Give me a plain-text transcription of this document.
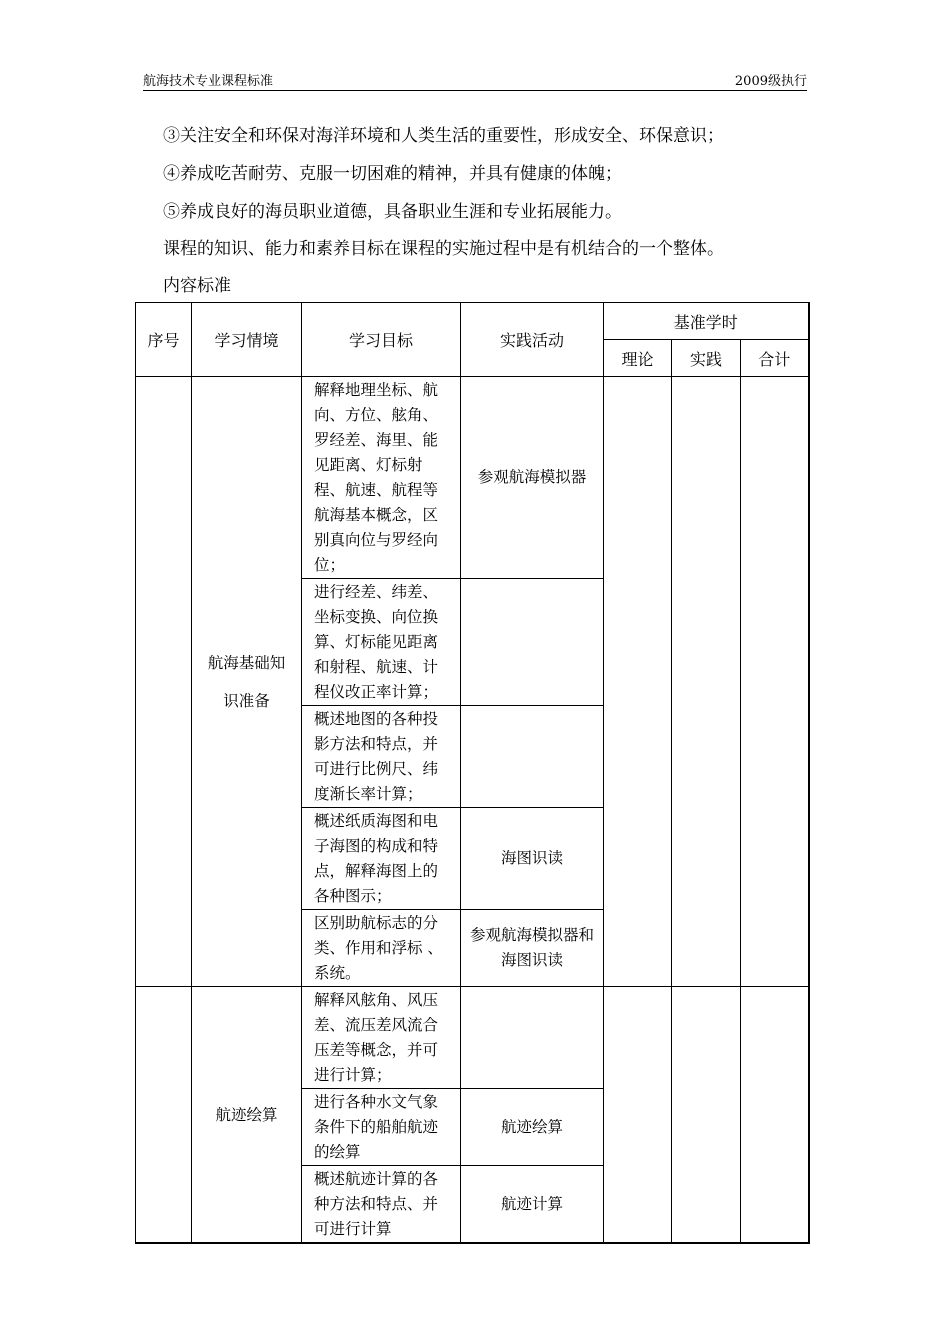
航海技术专业课程标准	2009级执行
③关注安全和环保对海洋环境和人类生活的重要性，形成安全、环保意识；
④养成吃苦耐劳、克服一切困难的精神，并具有健康的体魄；
⑤养成良好的海员职业道德，具备职业生涯和专业拓展能力。
课程的知识、能力和素养目标在课程的实施过程中是有机结合的一个整体。
内容标准
序号	学习情境	学习目标	实践活动	基准学时		
				理论	实践	合计

	航海基础知
识准备	解释地理坐标、航向、方位、舷角、罗经差、海里、能见距离、灯标射程、航速、航程等航海基本概念，区别真向位与罗经向位；	参观航海模拟器			
		进行经差、纬差、坐标变换、向位换算、灯标能见距离和射程、航速、计程仪改正率计算；				
		概述地图的各种投影方法和特点，并可进行比例尺、纬度渐长率计算；				
		概述纸质海图和电子海图的构成和特点，解释海图上的各种图示；	海图识读			
		区别助航标志的分类、作用和浮标 、 系统。	参观航海模拟器和海图识读			

	航迹绘算	解释风舷角、风压差、流压差风流合压差等概念，并可进行计算；				
		进行各种水文气象条件下的船舶航迹的绘算	航迹绘算			
		概述航迹计算的各种方法和特点、并可进行计算	航迹计算			
